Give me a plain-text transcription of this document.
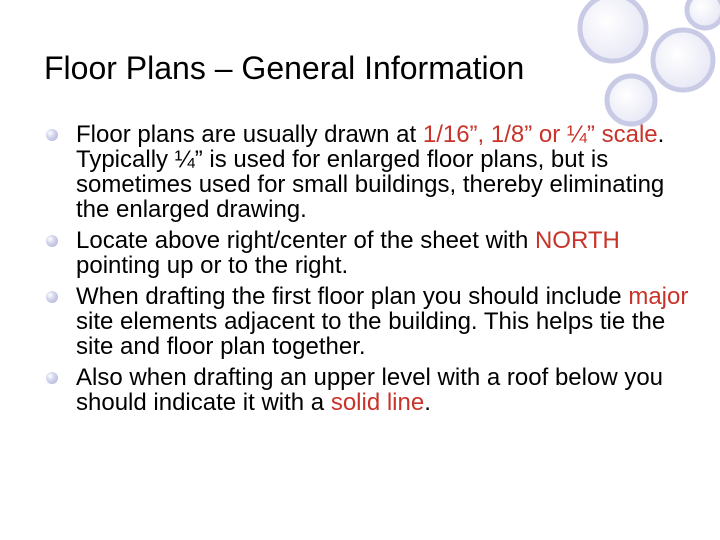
Floor Plans – General Information
Floor plans are usually drawn at 1/16”, 1/8” or ¼” scale. Typically ¼” is used for enlarged floor plans, but is sometimes used for small buildings, thereby eliminating the enlarged drawing.
Locate above right/center of the sheet with NORTH pointing up or to the right.
When drafting the first floor plan you should include major site elements adjacent to the building. This helps tie the site and floor plan together.
Also when drafting an upper level with a roof below you should indicate it with a solid line.
